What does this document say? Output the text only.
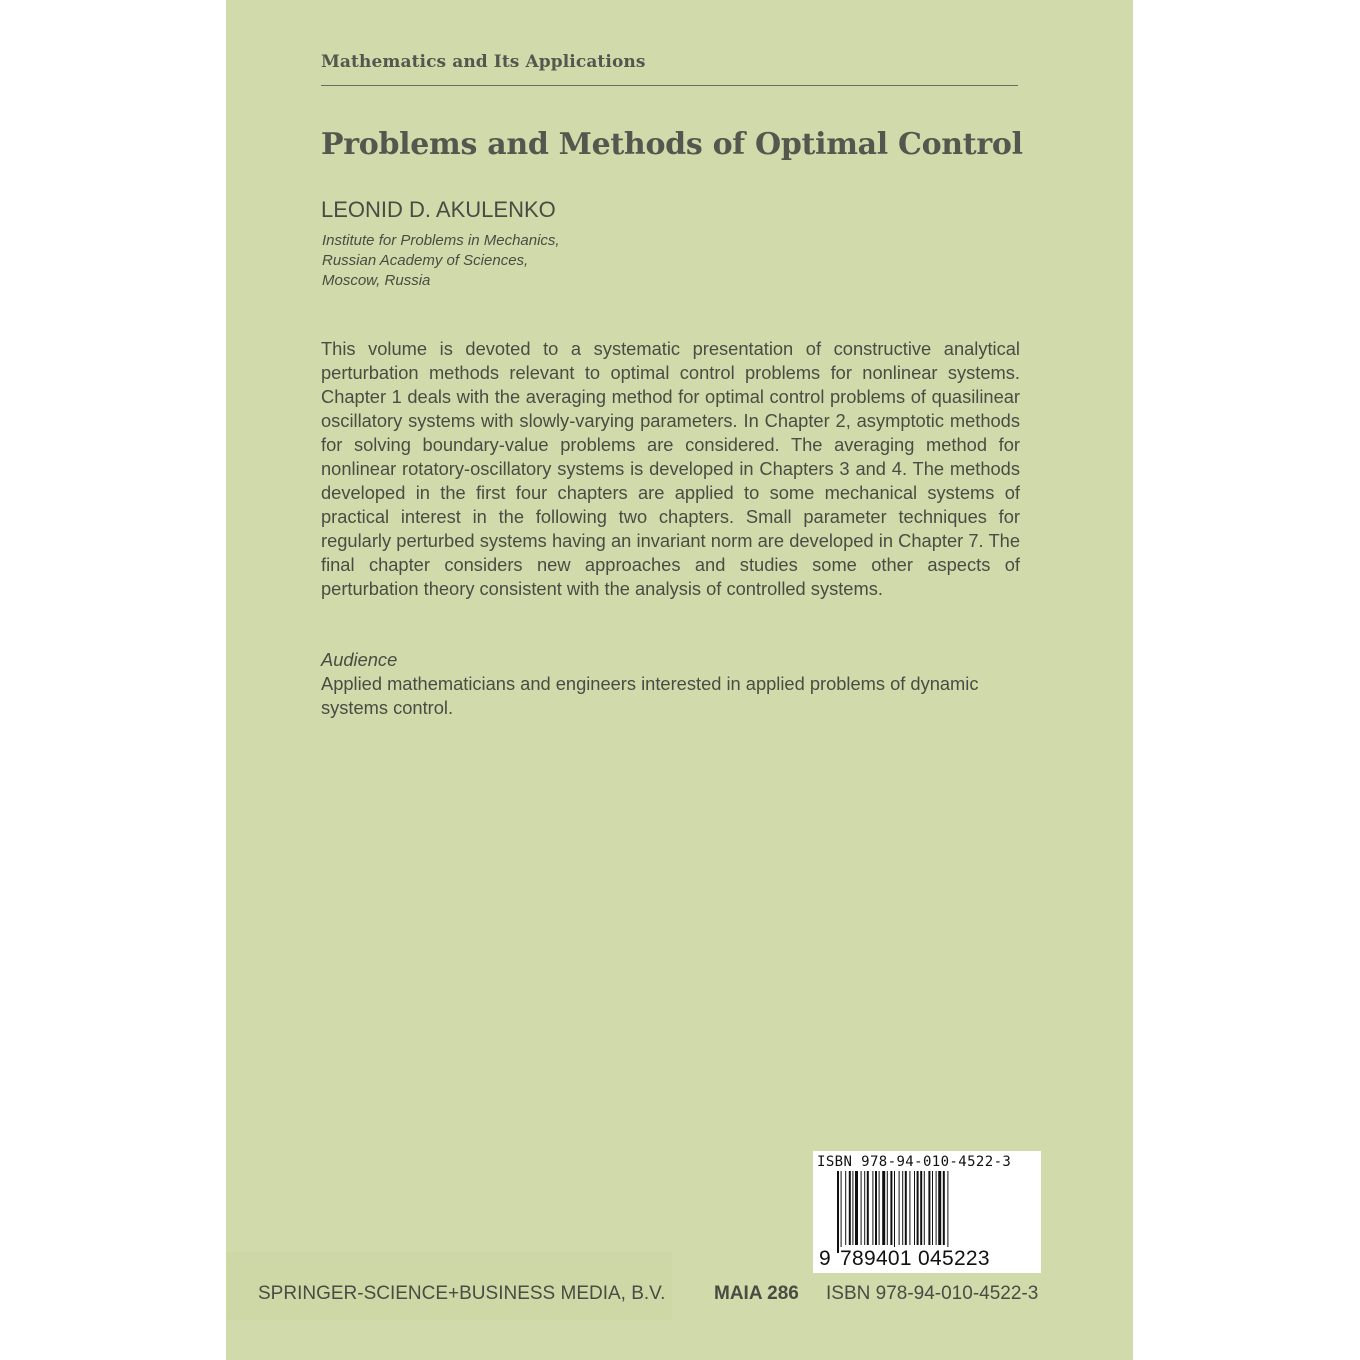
Mathematics and Its Applications
Problems and Methods of Optimal Control
LEONID D. AKULENKO
Institute for Problems in Mechanics,
Russian Academy of Sciences,
Moscow, Russia

This volume is devoted to a systematic presentation of constructive analytical perturbation methods relevant to optimal control problems for nonlinear systems. Chapter 1 deals with the averaging method for optimal control problems of quasilinear oscillatory systems with slowly-varying parameters. In Chapter 2, asymptotic methods for solving boundary-value problems are considered. The averaging method for nonlinear rotatory-oscillatory systems is developed in Chapters 3 and 4. The methods developed in the first four chapters are applied to some mechanical systems of practical interest in the following two chapters. Small parameter techniques for regularly perturbed systems having an invariant norm are developed in Chapter 7. The final chapter considers new approaches and studies some other aspects of perturbation theory consistent with the analysis of controlled systems.

Audience

Applied mathematicians and engineers interested in applied problems of dynamic systems control.

ISBN 978-94-010-4522-3
9 789401 045223
SPRINGER-SCIENCE+BUSINESS MEDIA, B.V.	MAIA 286 ISBN 978-94-010-4522-3
